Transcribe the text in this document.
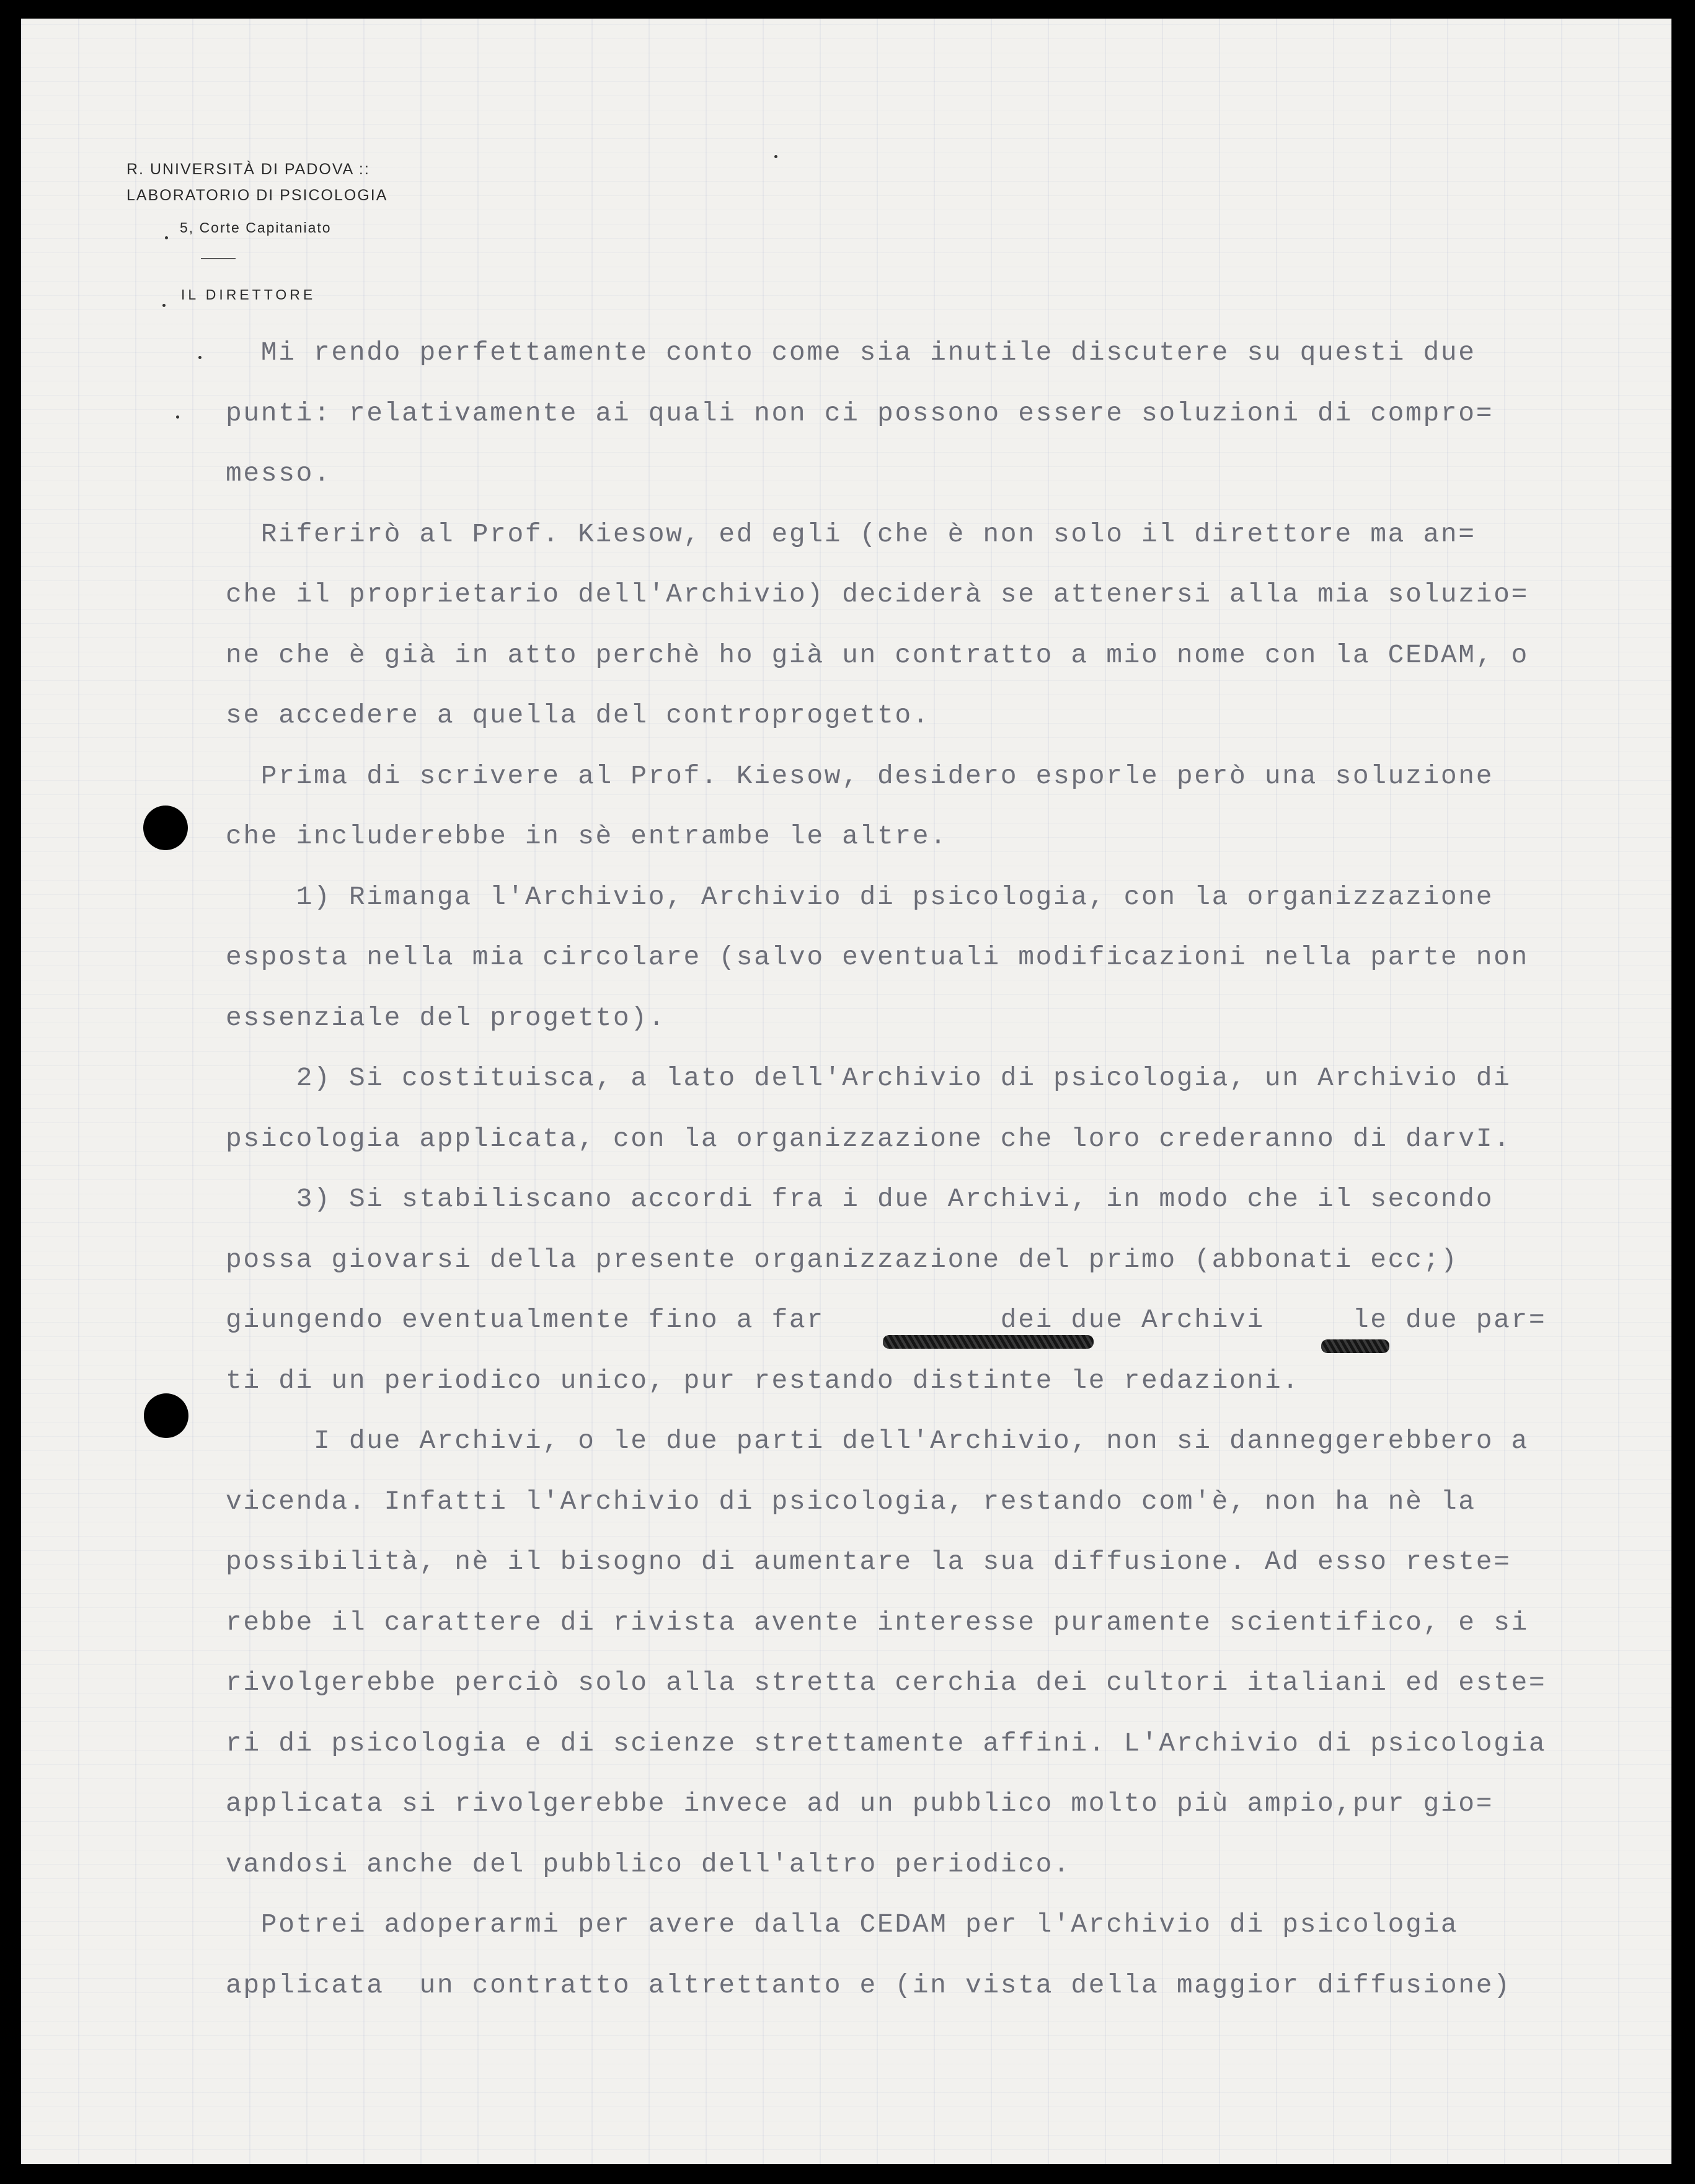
R. UNIVERSITÀ DI PADOVA ::
LABORATORIO DI PSICOLOGIA
5, Corte Capitaniato
IL DIRETTORE
Mi rendo perfettamente conto come sia inutile discutere su questi due
punti: relativamente ai quali non ci possono essere soluzioni di compro=
messo.
Riferirò al Prof. Kiesow, ed egli (che è non solo il direttore ma an=
che il proprietario dell'Archivio) deciderà se attenersi alla mia soluzio=
ne che è già in atto perchè ho già un contratto a mio nome con la CEDAM, o
se accedere a quella del controprogetto.
Prima di scrivere al Prof. Kiesow, desidero esporle però una soluzione
che includerebbe in sè entrambe le altre.
1) Rimanga l'Archivio, Archivio di psicologia, con la organizzazione
esposta nella mia circolare (salvo eventuali modificazioni nella parte non
essenziale del progetto).
2) Si costituisca, a lato dell'Archivio di psicologia, un Archivio di
psicologia applicata, con la organizzazione che loro crederanno di darvI.
3) Si stabiliscano accordi fra i due Archivi, in modo che il secondo
possa giovarsi della presente organizzazione del primo (abbonati ecc;)
giungendo eventualmente fino a far          dei due Archivi     le due par=
ti di un periodico unico, pur restando distinte le redazioni.
I due Archivi, o le due parti dell'Archivio, non si danneggerebbero a
vicenda. Infatti l'Archivio di psicologia, restando com'è, non ha nè la
possibilità, nè il bisogno di aumentare la sua diffusione. Ad esso reste=
rebbe il carattere di rivista avente interesse puramente scientifico, e si
rivolgerebbe perciò solo alla stretta cerchia dei cultori italiani ed este=
ri di psicologia e di scienze strettamente affini. L'Archivio di psicologia
applicata si rivolgerebbe invece ad un pubblico molto più ampio,pur gio=
vandosi anche del pubblico dell'altro periodico.
Potrei adoperarmi per avere dalla CEDAM per l'Archivio di psicologia
applicata  un contratto altrettanto e (in vista della maggior diffusione)
